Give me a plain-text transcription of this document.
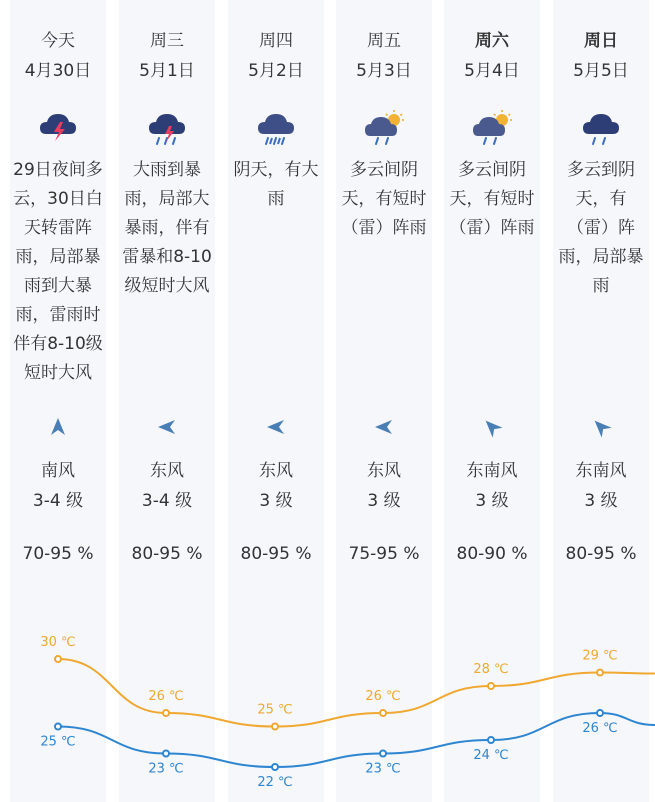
今天
4月30日
29日夜间多云，30日白天转雷阵雨，局部暴雨到大暴雨，雷雨时伴有8-10级短时大风
南风
3-4 级
70-95 %
周三
5月1日
大雨到暴雨，局部大暴雨，伴有雷暴和8-10级短时大风
东风
3-4 级
80-95 %
周四
5月2日
阴天，有大雨
东风
3 级
80-95 %
周五
5月3日
多云间阴天，有短时（雷）阵雨
东风
3 级
75-95 %
周六
5月4日
多云间阴天，有短时（雷）阵雨
东南风
3 级
80-90 %
周日
5月5日
多云到阴天，有（雷）阵雨，局部暴雨
东南风
3 级
80-95 %
30 ℃
26 ℃
25 ℃
26 ℃
28 ℃
29 ℃
25 ℃
23 ℃
22 ℃
23 ℃
24 ℃
26 ℃
